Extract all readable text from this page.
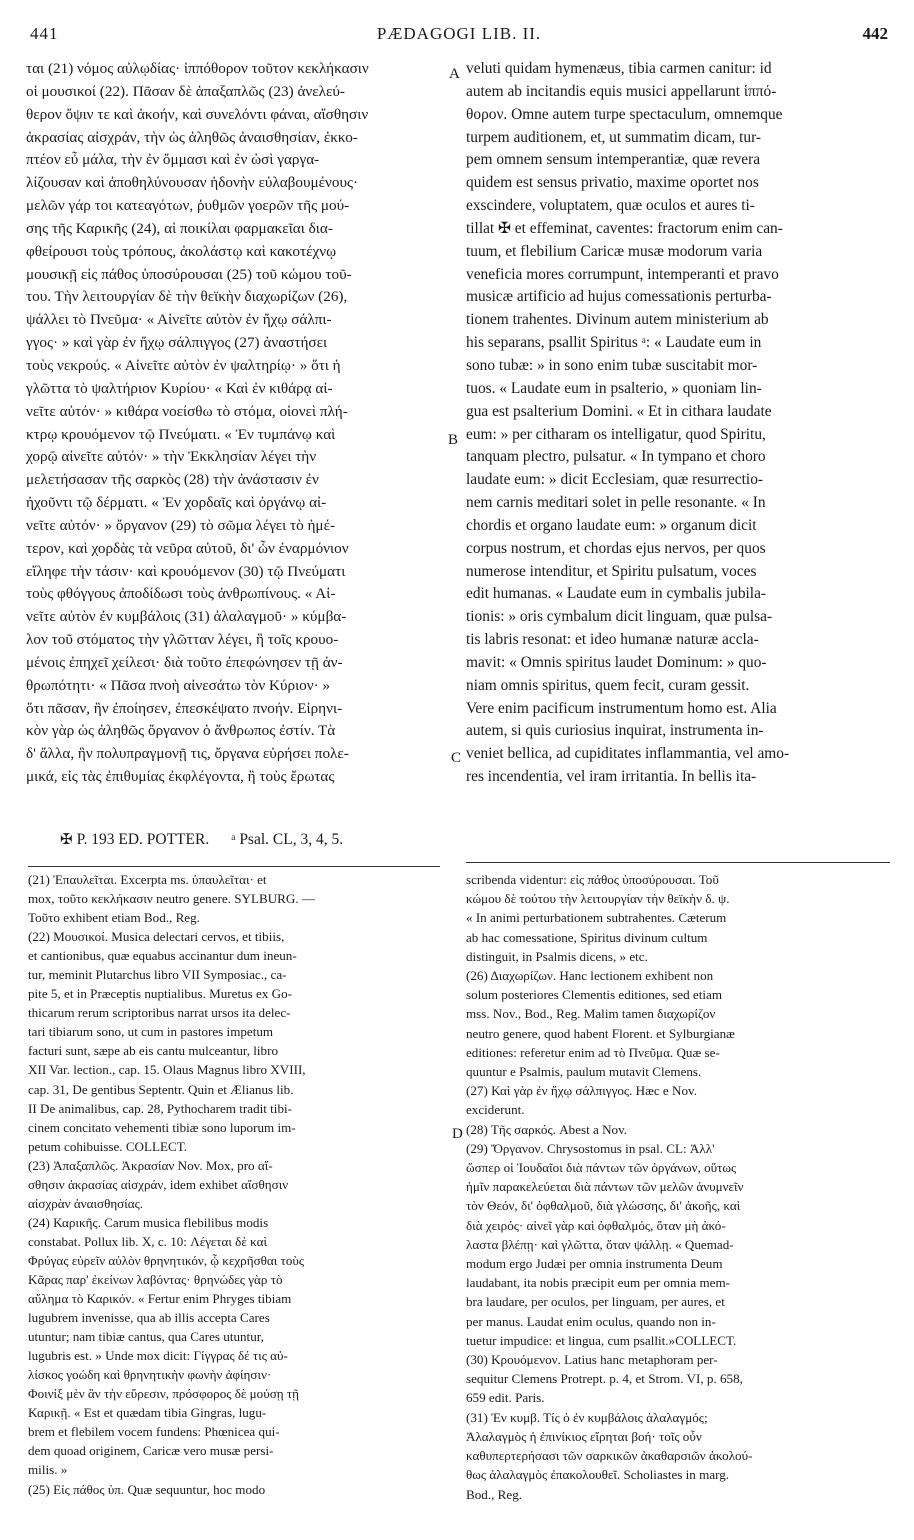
441	PÆDAGOGI LIB. II.	442
ται (21) νόμος αὐλῳδίας· ἱππόθορον τοῦτον κεκλήκασιν
οἱ μουσικοί (22). Πᾶσαν δὲ ἁπαξαπλῶς (23) ἀνελεύ-
θερον ὄψιν τε καὶ ἀκοήν, καὶ συνελόντι φάναι, αἴσθησιν
ἀκρασίας αἰσχράν, τὴν ὡς ἀληθῶς ἀναισθησίαν, ἐκκο-
πτέον εὖ μάλα, τὴν ἐν ὄμμασι καὶ ἐν ὠσὶ γαργα-
λίζουσαν καὶ ἀποθηλύνουσαν ἡδονὴν εὐλαβουμένους·
μελῶν γάρ τοι κατεαγότων, ῥυθμῶν γοερῶν τῆς μού-
σης τῆς Καρικῆς (24), αἱ ποικίλαι φαρμακεῖαι δια-
φθείρουσι τοὺς τρόπους, ἀκολάστῳ καὶ κακοτέχνῳ
μουσικῇ εἰς πάθος ὑποσύρουσαι (25) τοῦ κώμου τοῦ-
του. Τὴν λειτουργίαν δὲ τὴν θεϊκὴν διαχωρίζων (26),
ψάλλει τὸ Πνεῦμα· « Αἰνεῖτε αὐτὸν ἐν ἤχῳ σάλπι-
γγος· » καὶ γὰρ ἐν ἤχῳ σάλπιγγος (27) ἀναστήσει
τοὺς νεκρούς. « Αἰνεῖτε αὐτὸν ἐν ψαλτηρίῳ· » ὅτι ἡ
γλῶττα τὸ ψαλτήριον Κυρίου· « Καὶ ἐν κιθάρᾳ αἰ-
νεῖτε αὐτόν· » κιθάρα νοείσθω τὸ στόμα, οἱονεὶ πλή-
κτρῳ κρουόμενον τῷ Πνεύματι. « Ἐν τυμπάνῳ καὶ
χορῷ αἰνεῖτε αὐτόν· » τὴν Ἐκκλησίαν λέγει τὴν
μελετήσασαν τῆς σαρκὸς (28) τὴν ἀνάστασιν ἐν
ἠχοῦντι τῷ δέρματι. « Ἐν χορδαῖς καὶ ὀργάνῳ αἰ-
νεῖτε αὐτόν· » ὄργανον (29) τὸ σῶμα λέγει τὸ ἡμέ-
τερον, καὶ χορδὰς τὰ νεῦρα αὐτοῦ, δι' ὧν ἐναρμόνιον
εἴληφε τὴν τάσιν· καὶ κρουόμενον (30) τῷ Πνεύματι
τοὺς φθόγγους ἀποδίδωσι τοὺς ἀνθρωπίνους. « Αἰ-
νεῖτε αὐτὸν ἐν κυμβάλοις (31) ἀλαλαγμοῦ· » κύμβα-
λον τοῦ στόματος τὴν γλῶτταν λέγει, ἣ τοῖς κρουο-
μένοις ἐπηχεῖ χείλεσι· διὰ τοῦτο ἐπεφώνησεν τῇ ἀν-
θρωπότητι· « Πᾶσα πνοὴ αἰνεσάτω τὸν Κύριον· »
ὅτι πᾶσαν, ἣν ἐποίησεν, ἐπεσκέψατο πνοήν. Εἰρηνι-
κὸν γὰρ ὡς ἀληθῶς ὄργανον ὁ ἄνθρωπος ἐστίν. Τὰ
δ' ἄλλα, ἣν πολυπραγμονῇ τις, ὄργανα εὑρήσει πολε-
μικά, εἰς τὰς ἐπιθυμίας ἐκφλέγοντα, ἢ τοὺς ἔρωτας
veluti quidam hymenæus, tibia carmen canitur: id
autem ab incitandis equis musici appellarunt ἱππό-
θορον. Omne autem turpe spectaculum, omnemque
turpem auditionem, et, ut summatim dicam, tur-
pem omnem sensum intemperantiæ, quæ revera
quidem est sensus privatio, maxime oportet nos
exscindere, voluptatem, quæ oculos et aures ti-
tillat ✠ et effeminat, caventes: fractorum enim can-
tuum, et flebilium Caricæ musæ modorum varia
veneficia mores corrumpunt, intemperanti et pravo
musicæ artificio ad hujus comessationis perturba-
tionem trahentes. Divinum autem ministerium ab
his separans, psallit Spiritus ᵃ: « Laudate eum in
sono tubæ: » in sono enim tubæ suscitabit mor-
tuos. « Laudate eum in psalterio, » quoniam lin-
gua est psalterium Domini. « Et in cithara laudate
eum: » per citharam os intelligatur, quod Spiritu,
tanquam plectro, pulsatur. « In tympano et choro
laudate eum: » dicit Ecclesiam, quæ resurrectio-
nem carnis meditari solet in pelle resonante. « In
chordis et organo laudate eum: » organum dicit
corpus nostrum, et chordas ejus nervos, per quos
numerose intenditur, et Spiritu pulsatum, voces
edit humanas. « Laudate eum in cymbalis jubila-
tionis: » oris cymbalum dicit linguam, quæ pulsa-
tis labris resonat: et ideo humanæ naturæ accla-
mavit: « Omnis spiritus laudet Dominum: » quo-
niam omnis spiritus, quem fecit, curam gessit.
Vere enim pacificum instrumentum homo est. Alia
autem, si quis curiosius inquirat, instrumenta in-
veniet bellica, ad cupiditates inflammantia, vel amo-
res incendentia, vel iram irritantia. In bellis ita-
A
B
C
D
✠ P. 193 ED. POTTER. ᵃ Psal. CL, 3, 4, 5.
(21) Ἐπαυλεῖται. Excerpta ms. ὑπαυλεῖται· et
mox, τοῦτο κεκλήκασιν neutro genere. SYLBURG. —
Τοῦτο exhibent etiam Bod., Reg.
(22) Μουσικοί. Musica delectari cervos, et tibiis,
et cantionibus, quæ equabus accinantur dum ineun-
tur, meminit Plutarchus libro VII Symposiac., ca-
pite 5, et in Præceptis nuptialibus. Muretus ex Go-
thicarum rerum scriptoribus narrat ursos ita delec-
tari tibiarum sono, ut cum in pastores impetum
facturi sunt, sæpe ab eis cantu mulceantur, libro
XII Var. lection., cap. 15. Olaus Magnus libro XVIII,
cap. 31, De gentibus Septentr. Quin et Ælianus lib.
II De animalibus, cap. 28, Pythocharem tradit tibi-
cinem concitato vehementi tibiæ sono luporum im-
petum cohibuisse. COLLECT.
(23) Ἁπαξαπλῶς. Ἀκρασίαν Nov. Mox, pro αἴ-
σθησιν ἀκρασίας αἰσχράν, idem exhibet αἴσθησιν
αἰσχρὰν ἀναισθησίας.
(24) Καρικῆς. Carum musica flebilibus modis
constabat. Pollux lib. X, c. 10: Λέγεται δὲ καὶ
Φρύγας εὑρεῖν αὐλὸν θρηνητικόν, ᾧ κεχρῆσθαι τοὺς
Κᾶρας παρ' ἐκείνων λαβόντας· θρηνώδες γὰρ τὸ
αὔλημα τὸ Καρικόν. « Fertur enim Phryges tibiam
lugubrem invenisse, qua ab illis accepta Cares
utuntur; nam tibiæ cantus, qua Cares utuntur,
lugubris est. » Unde mox dicit: Γίγγρας δέ τις αὐ-
λίσκος γοώδη καὶ θρηνητικὴν φωνὴν ἀφίησιν·
Φοινίξ μὲν ἂν τὴν εὕρεσιν, πρόσφορος δὲ μούσῃ τῇ
Καρικῇ. « Est et quædam tibia Gingras, lugu-
brem et flebilem vocem fundens: Phœnicea qui-
dem quoad originem, Caricæ vero musæ persi-
milis. »
(25) Εἰς πάθος ὑπ. Quæ sequuntur, hoc modo
scribenda videntur: εἰς πάθος ὑποσύρουσαι. Τοῦ
κώμου δὲ τούτου τὴν λειτουργίαν τὴν θεϊκὴν δ. ψ.
« In animi perturbationem subtrahentes. Cæterum
ab hac comessatione, Spiritus divinum cultum
distinguit, in Psalmis dicens, » etc.
(26) Διαχωρίζων. Hanc lectionem exhibent non
solum posteriores Clementis editiones, sed etiam
mss. Nov., Bod., Reg. Malim tamen διαχωρίζον
neutro genere, quod habent Florent. et Sylburgianæ
editiones: referetur enim ad τὸ Πνεῦμα. Quæ se-
quuntur e Psalmis, paulum mutavit Clemens.
(27) Καὶ γὰρ ἐν ἤχῳ σάλπιγγος. Hæc e Nov.
exciderunt.
(28) Τῆς σαρκός. Abest a Nov.
(29) Ὄργανον. Chrysostomus in psal. CL: Ἀλλ'
ὥσπερ οἱ Ἰουδαῖοι διὰ πάντων τῶν ὀργάνων, οὕτως
ἡμῖν παρακελεύεται διὰ πάντων τῶν μελῶν ἀνυμνεῖν
τὸν Θεόν, δι' ὀφθαλμοῦ, διὰ γλώσσης, δι' ἀκοῆς, καὶ
διὰ χειρός· αἰνεῖ γὰρ καὶ ὀφθαλμός, ὅταν μὴ ἀκό-
λαστα βλέπῃ· καὶ γλῶττα, ὅταν ψάλλῃ. « Quemad-
modum ergo Judæi per omnia instrumenta Deum
laudabant, ita nobis præcipit eum per omnia mem-
bra laudare, per oculos, per linguam, per aures, et
per manus. Laudat enim oculus, quando non in-
tuetur impudice: et lingua, cum psallit.»COLLECT.
(30) Κρουόμενον. Latius hanc metaphoram per-
sequitur Clemens Protrept. p. 4, et Strom. VI, p. 658,
659 edit. Paris.
(31) Ἐν κυμβ. Τίς ὁ ἐν κυμβάλοις ἀλαλαγμός;
Ἀλαλαγμὸς ἡ ἐπινίκιος εἴρηται βοή· τοῖς οὖν
καθυπερτερήσασι τῶν σαρκικῶν ἀκαθαρσιῶν ἀκολού-
θως ἀλαλαγμὸς ἐπακολουθεῖ. Scholiastes in marg.
Bod., Reg.
